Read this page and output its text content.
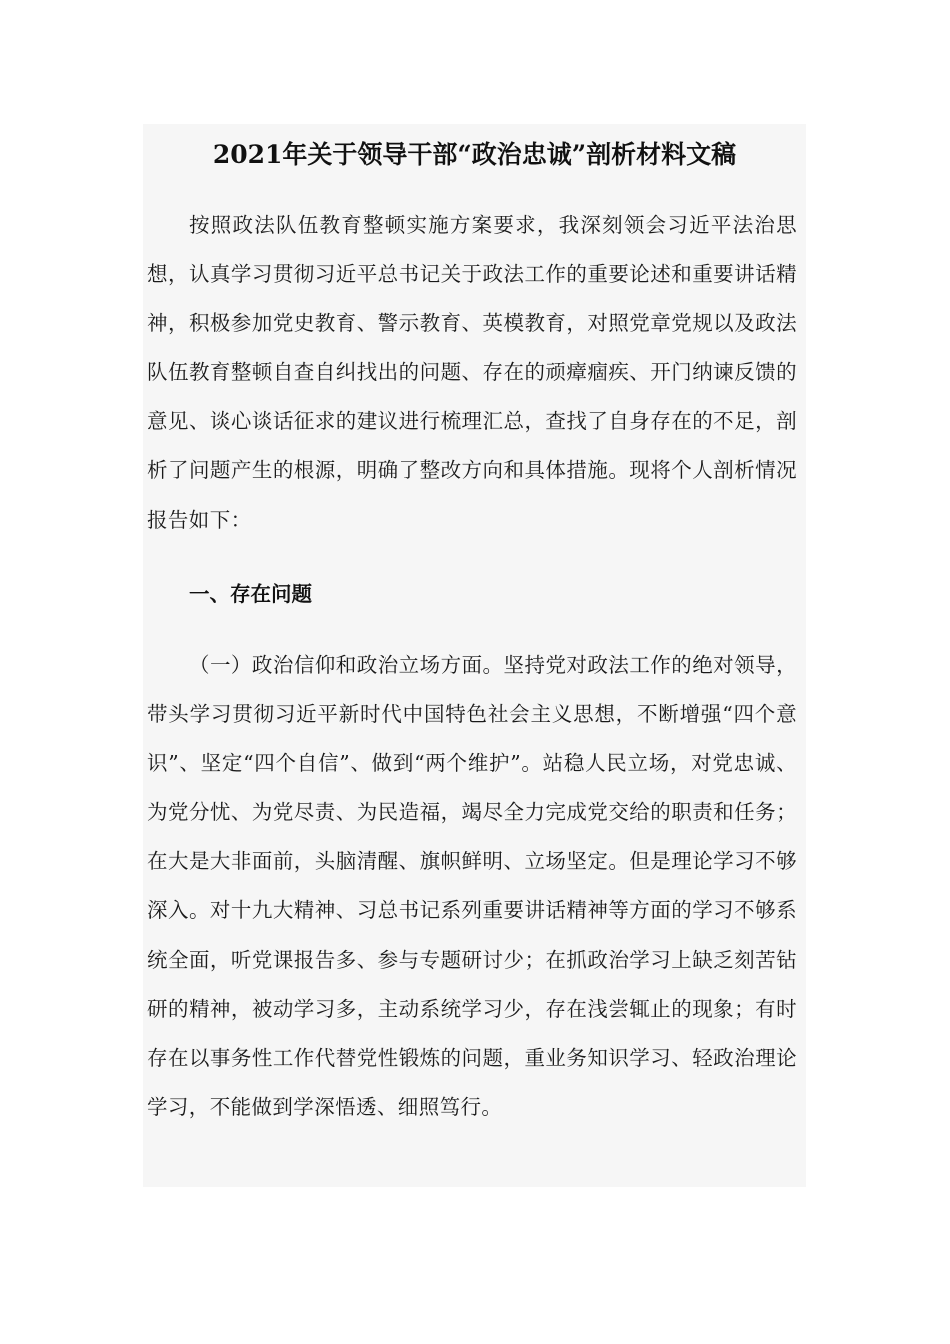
2021年关于领导干部“政治忠诚”剖析材料文稿

按照政法队伍教育整顿实施方案要求，我深刻领会习近平法治思想，认真学习贯彻习近平总书记关于政法工作的重要论述和重要讲话精神，积极参加党史教育、警示教育、英模教育，对照党章党规以及政法队伍教育整顿自查自纠找出的问题、存在的顽瘴痼疾、开门纳谏反馈的意见、谈心谈话征求的建议进行梳理汇总，查找了自身存在的不足，剖析了问题产生的根源，明确了整改方向和具体措施。现将个人剖析情况报告如下：

一、存在问题

（一）政治信仰和政治立场方面。坚持党对政法工作的绝对领导，带头学习贯彻习近平新时代中国特色社会主义思想，不断增强“四个意识”、坚定“四个自信”、做到“两个维护”。站稳人民立场，对党忠诚、为党分忧、为党尽责、为民造福，竭尽全力完成党交给的职责和任务；在大是大非面前，头脑清醒、旗帜鲜明、立场坚定。但是理论学习不够深入。对十九大精神、习总书记系列重要讲话精神等方面的学习不够系统全面，听党课报告多、参与专题研讨少；在抓政治学习上缺乏刻苦钻研的精神，被动学习多，主动系统学习少，存在浅尝辄止的现象；有时存在以事务性工作代替党性锻炼的问题，重业务知识学习、轻政治理论学习，不能做到学深悟透、细照笃行。
